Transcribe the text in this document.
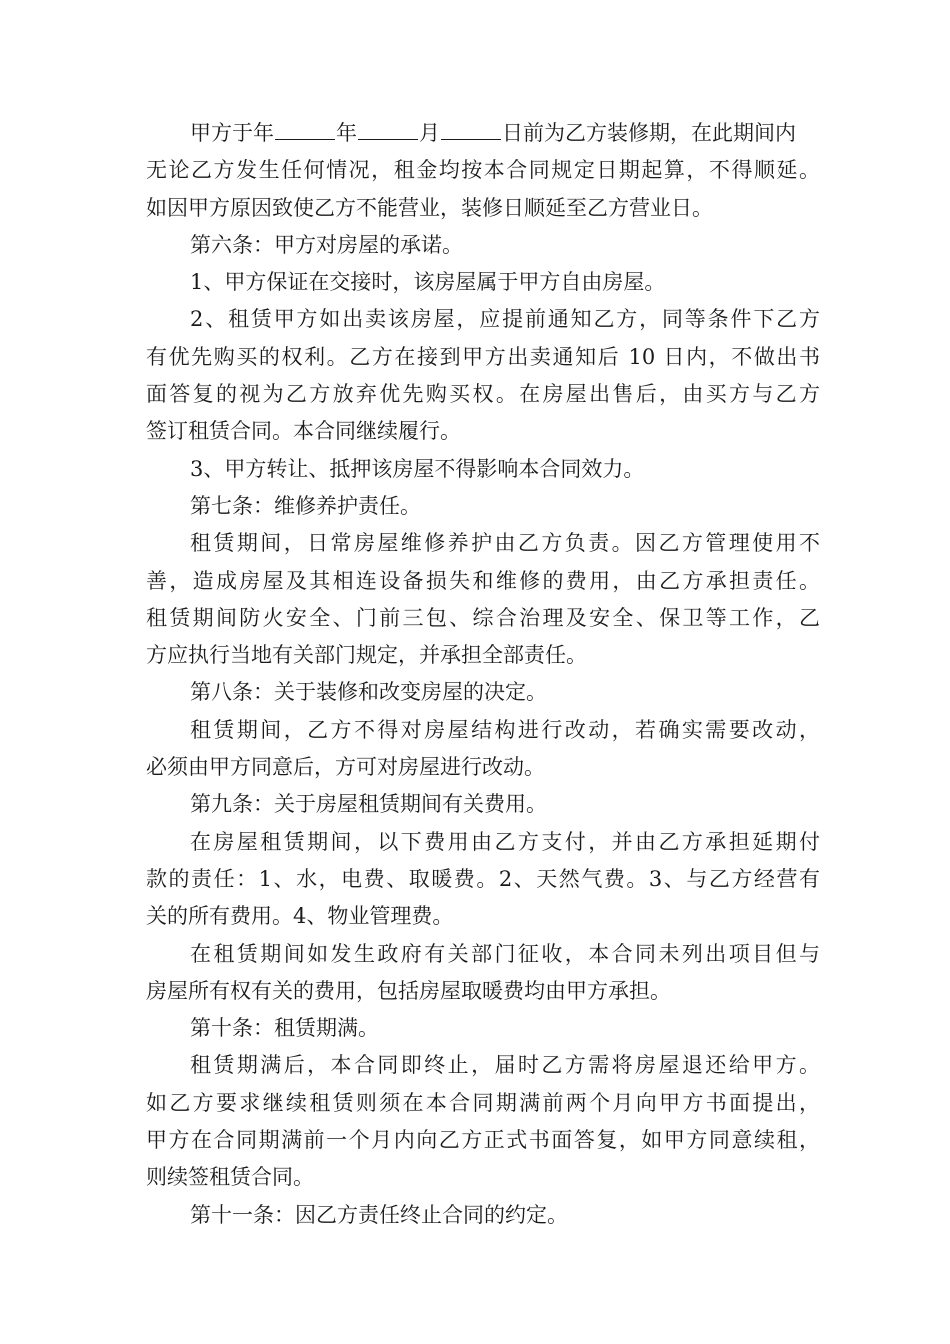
甲方于年	年	月	日前为乙方装修期，在此期间内
无论乙方发生任何情况，租金均按本合同规定日期起算，不得顺延。
如因甲方原因致使乙方不能营业，装修日顺延至乙方营业日。
第六条：甲方对房屋的承诺。
1、甲方保证在交接时，该房屋属于甲方自由房屋。
2、租赁甲方如出卖该房屋，应提前通知乙方，同等条件下乙方
有优先购买的权利。乙方在接到甲方出卖通知后 10 日内，不做出书
面答复的视为乙方放弃优先购买权。在房屋出售后，由买方与乙方
签订租赁合同。本合同继续履行。
3、甲方转让、抵押该房屋不得影响本合同效力。
第七条：维修养护责任。
租赁期间，日常房屋维修养护由乙方负责。因乙方管理使用不
善，造成房屋及其相连设备损失和维修的费用，由乙方承担责任。
租赁期间防火安全、门前三包、综合治理及安全、保卫等工作，乙
方应执行当地有关部门规定，并承担全部责任。
第八条：关于装修和改变房屋的决定。
租赁期间，乙方不得对房屋结构进行改动，若确实需要改动，
必须由甲方同意后，方可对房屋进行改动。
第九条：关于房屋租赁期间有关费用。
在房屋租赁期间，以下费用由乙方支付，并由乙方承担延期付
款的责任：1、水，电费、取暖费。2、天然气费。3、与乙方经营有
关的所有费用。4、物业管理费。
在租赁期间如发生政府有关部门征收，本合同未列出项目但与
房屋所有权有关的费用，包括房屋取暖费均由甲方承担。
第十条：租赁期满。
租赁期满后，本合同即终止，届时乙方需将房屋退还给甲方。
如乙方要求继续租赁则须在本合同期满前两个月向甲方书面提出，
甲方在合同期满前一个月内向乙方正式书面答复，如甲方同意续租，
则续签租赁合同。
第十一条：因乙方责任终止合同的约定。
